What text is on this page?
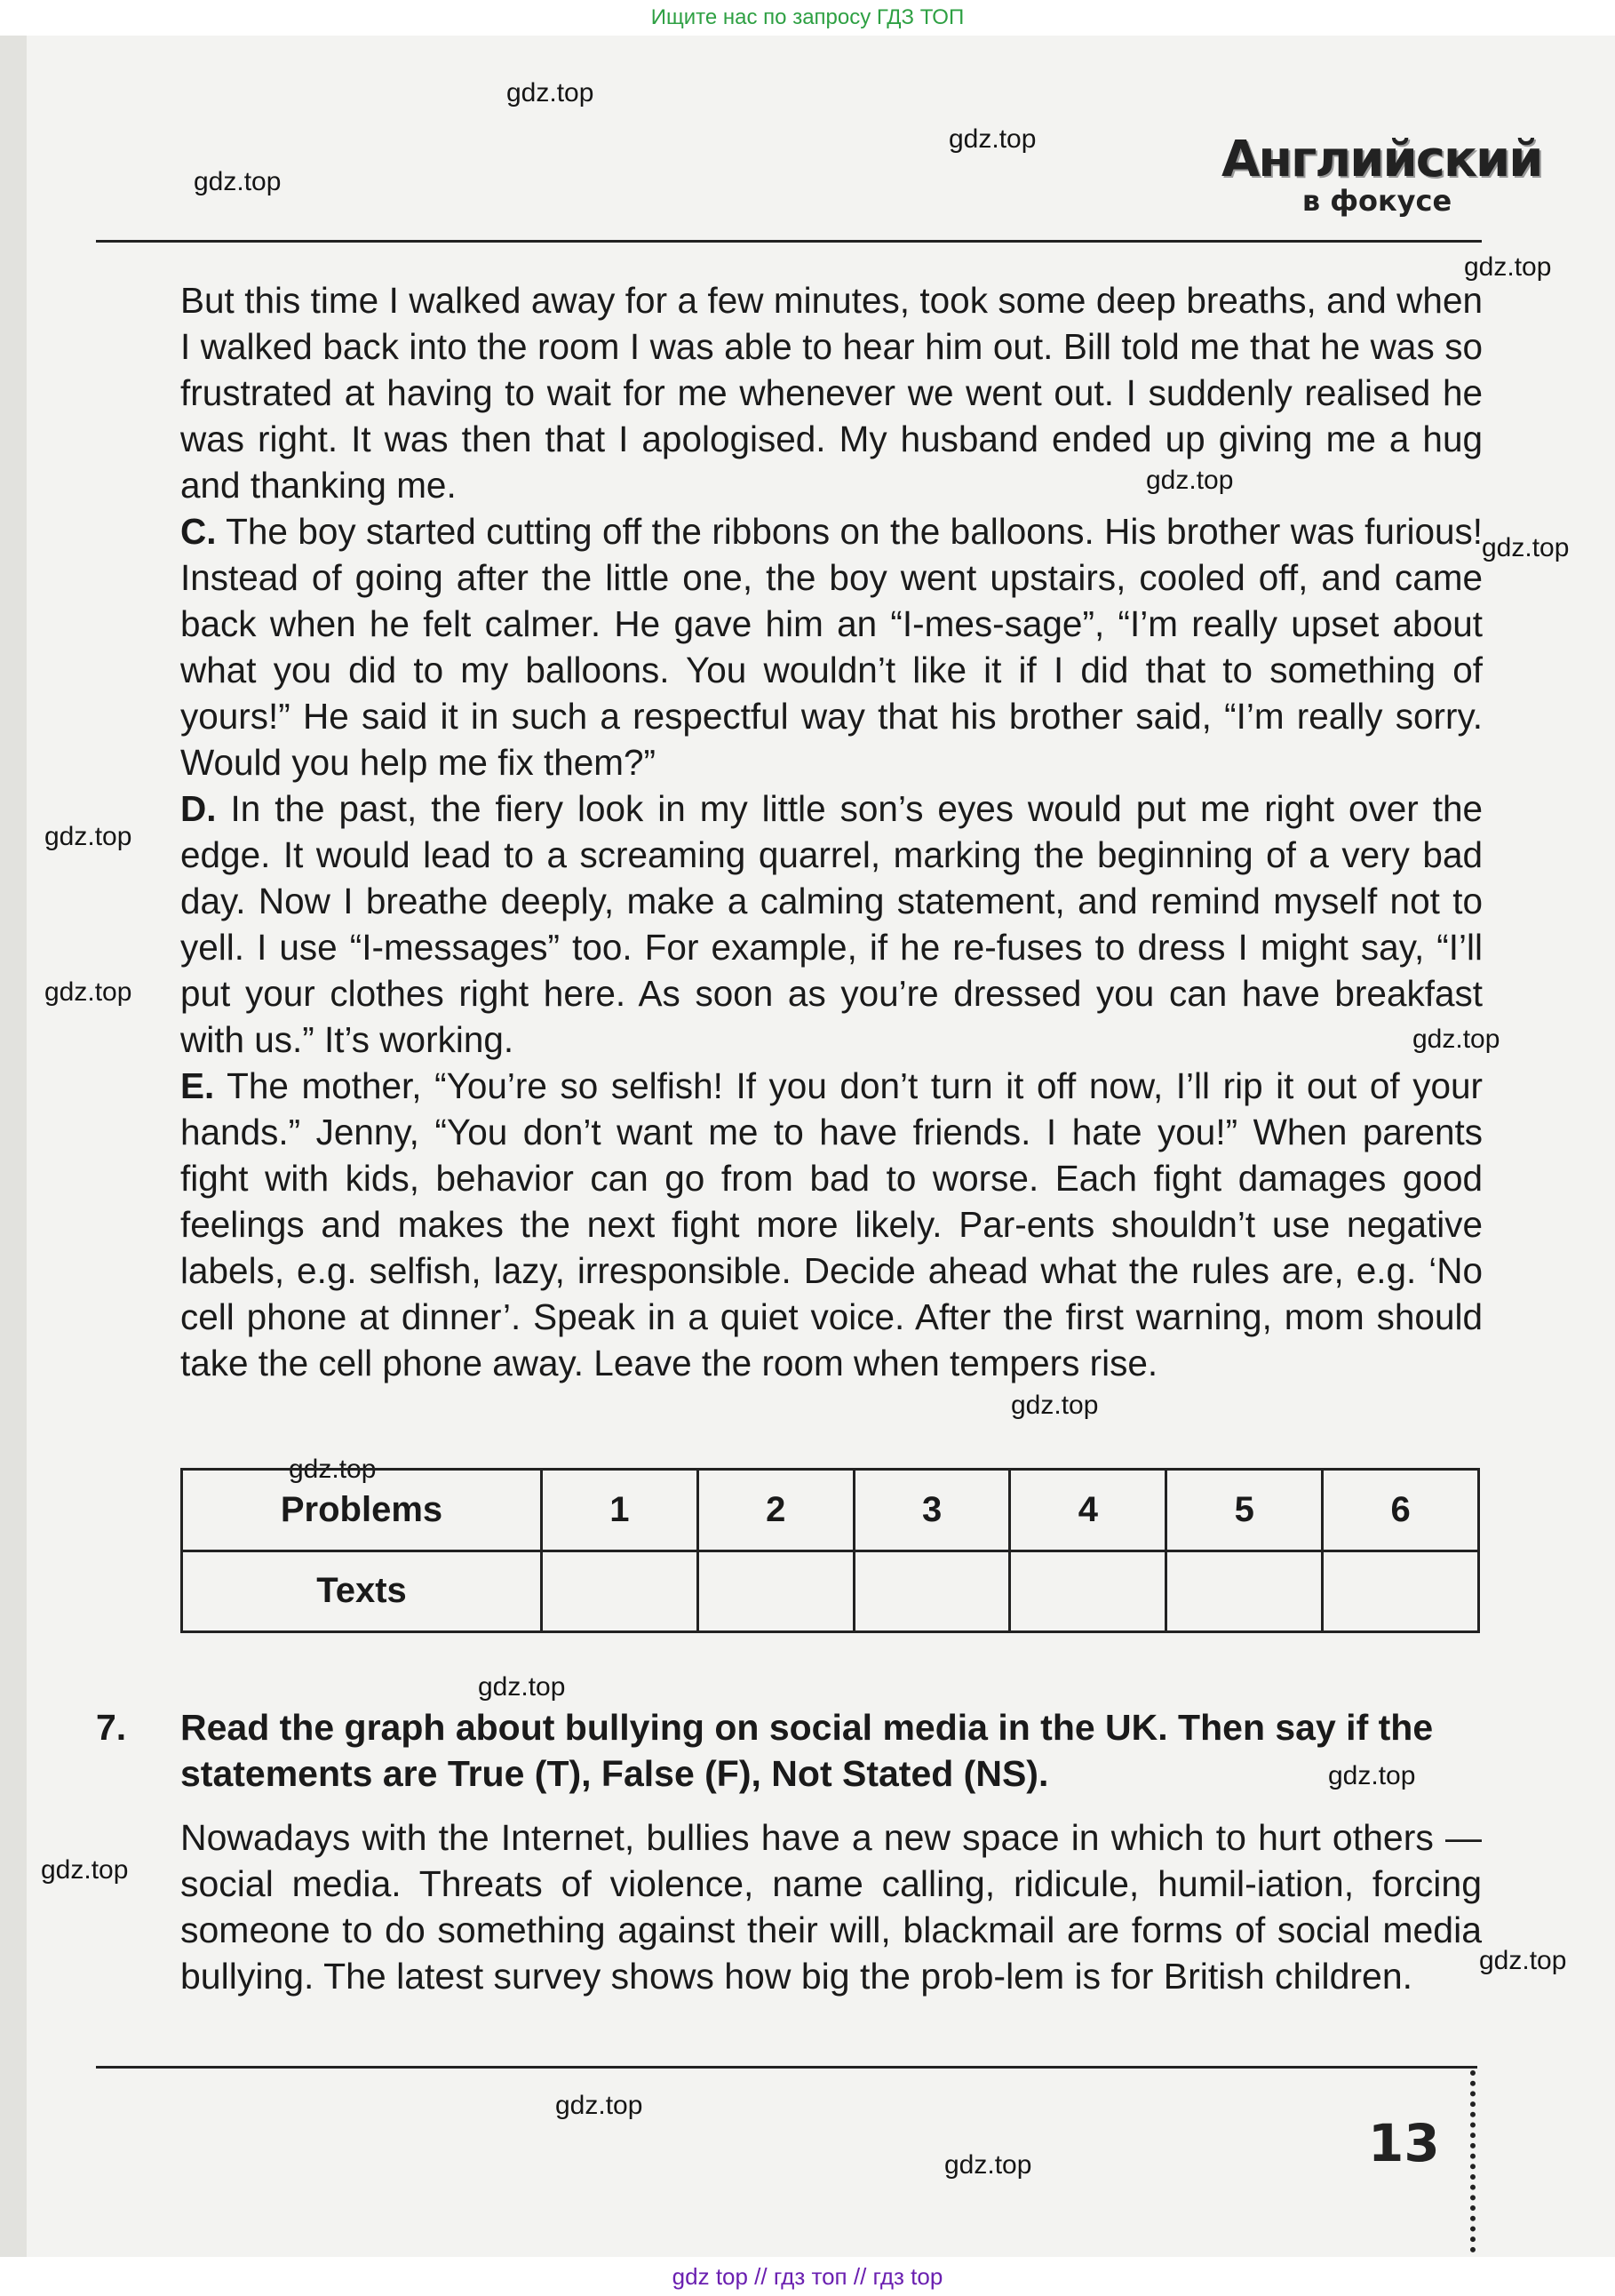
Ищите нас по запросу ГДЗ ТОП
gdz.top
gdz.top
gdz.top
gdz.top
gdz.top
gdz.top
gdz.top
gdz.top
gdz.top
gdz.top
gdz.top
gdz.top
gdz.top
gdz.top
gdz.top
gdz.top
gdz.top
Английский
в фокусе

But this time I walked away for a few minutes, took some deep breaths, and when I walked back into the room I was able to hear him out. Bill told me that he was so frustrated at having to wait for me whenever we went out. I suddenly realised he was right. It was then that I apologised. My husband ended up giving me a hug and thanking me.

C. The boy started cutting off the ribbons on the balloons. His brother was furious! Instead of going after the little one, the boy went upstairs, cooled off, and came back when he felt calmer. He gave him an “I-mes-sage”, “I’m really upset about what you did to my balloons. You wouldn’t like it if I did that to something of yours!” He said it in such a respectful way that his brother said, “I’m really sorry. Would you help me fix them?”

D. In the past, the fiery look in my little son’s eyes would put me right over the edge. It would lead to a screaming quarrel, marking the beginning of a very bad day. Now I breathe deeply, make a calming statement, and remind myself not to yell. I use “I-messages” too. For example, if he re-fuses to dress I might say, “I’ll put your clothes right here. As soon as you’re dressed you can have breakfast with us.” It’s working.

E. The mother, “You’re so selfish! If you don’t turn it off now, I’ll rip it out of your hands.” Jenny, “You don’t want me to have friends. I hate you!” When parents fight with kids, behavior can go from bad to worse. Each fight damages good feelings and makes the next fight more likely. Par-ents shouldn’t use negative labels, e.g. selfish, lazy, irresponsible. Decide ahead what the rules are, e.g. ‘No cell phone at dinner’. Speak in a quiet voice. After the first warning, mom should take the cell phone away. Leave the room when tempers rise.

Problems	1	2	3	4	5	6
Texts						
7. Read the graph about bullying on social media in the UK. Then say if the statements are True (T), False (F), Not Stated (NS).
Nowadays with the Internet, bullies have a new space in which to hurt others — social media. Threats of violence, name calling, ridicule, humil-iation, forcing someone to do something against their will, blackmail are forms of social media bullying. The latest survey shows how big the prob-lem is for British children.
13
gdz top // гдз топ // гдз top
